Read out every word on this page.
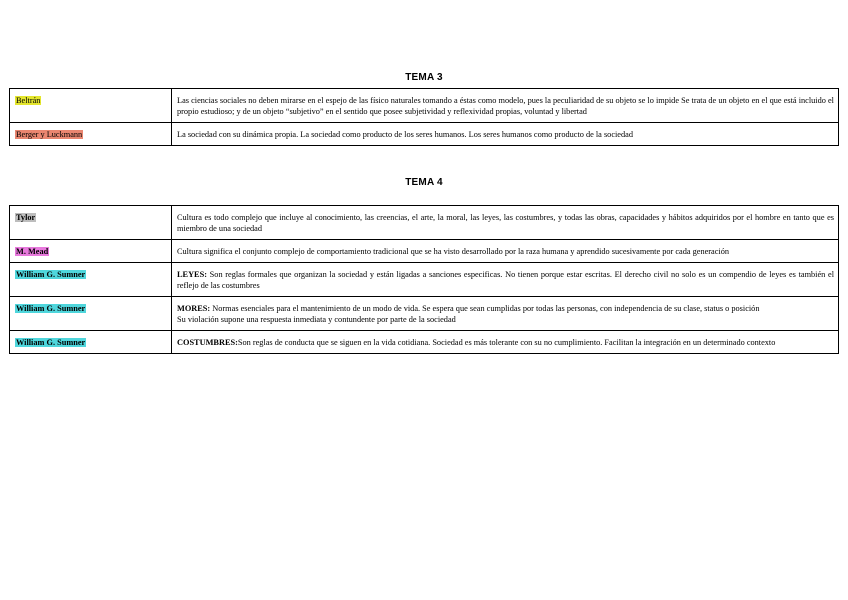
TEMA 3
Beltrán	Las ciencias sociales no deben mirarse en el espejo de las físico naturales tomando a éstas como modelo, pues la peculiaridad de su objeto se lo impide Se trata de un objeto en el que está incluido el propio estudioso; y de un objeto “subjetivo” en el sentido que posee subjetividad y reflexividad propias, voluntad y libertad
Berger y Luckmann	La sociedad con su dinámica propia. La sociedad como producto de los seres humanos. Los seres humanos como producto de la sociedad
TEMA 4
Tylor	Cultura es todo complejo que incluye al conocimiento, las creencias, el arte, la moral, las leyes, las costumbres, y todas las obras, capacidades y hábitos adquiridos por el hombre en tanto que es miembro de una sociedad
M. Mead	Cultura significa el conjunto complejo de comportamiento tradicional que se ha visto desarrollado por la raza humana y aprendido sucesivamente por cada generación
William G. Sumner	LEYES: Son reglas formales que organizan la sociedad y están ligadas a sanciones especificas. No tienen porque estar escritas. El derecho civil no solo es un compendio de leyes es también el reflejo de las costumbres
William G. Sumner	MORES: Normas esenciales para el mantenimiento de un modo de vida. Se espera que sean cumplidas por todas las personas, con independencia de su clase, status o posición
Su violación supone una respuesta inmediata y contundente por parte de la sociedad
William G. Sumner	COSTUMBRES:Son reglas de conducta que se siguen en la vida cotidiana. Sociedad es más tolerante con su no cumplimiento. Facilitan la integración en un determinado contexto
